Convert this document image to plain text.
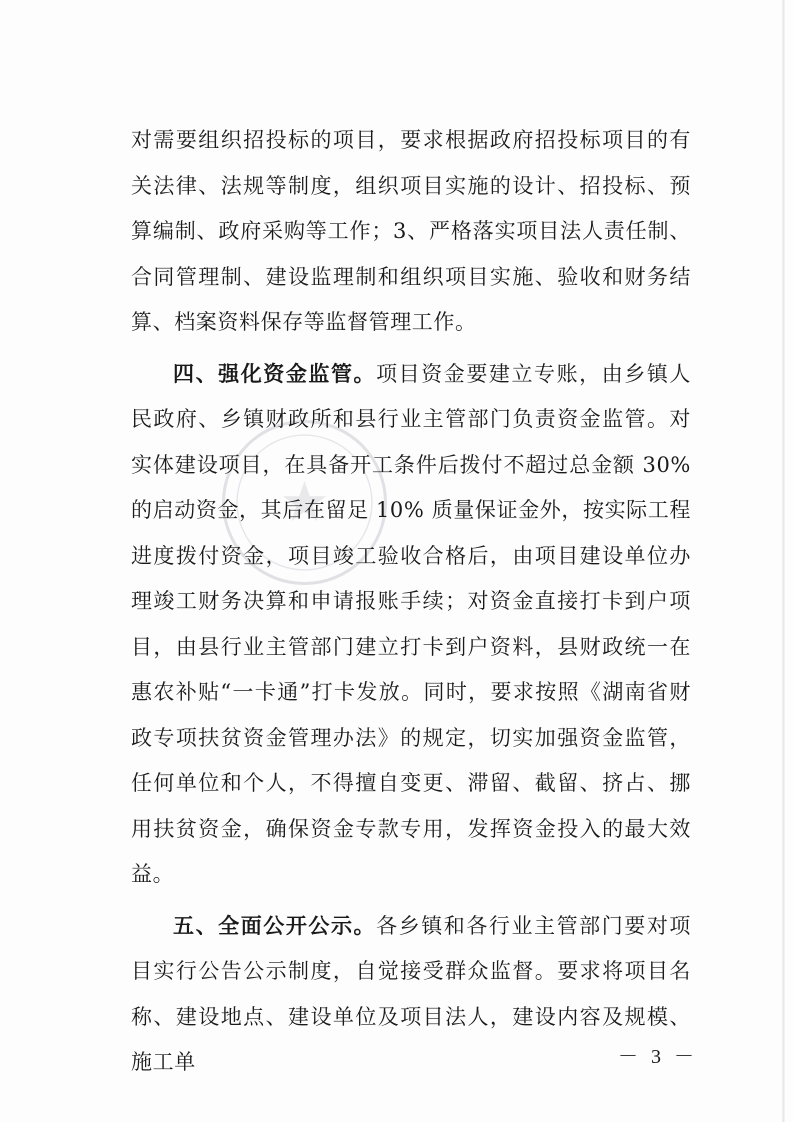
对需要组织招投标的项目，要求根据政府招投标项目的有关法律、法规等制度，组织项目实施的设计、招投标、预算编制、政府采购等工作；3、严格落实项目法人责任制、合同管理制、建设监理制和组织项目实施、验收和财务结算、档案资料保存等监督管理工作。

四、强化资金监管。项目资金要建立专账，由乡镇人民政府、乡镇财政所和县行业主管部门负责资金监管。对实体建设项目，在具备开工条件后拨付不超过总金额 30% 的启动资金，其后在留足 10% 质量保证金外，按实际工程进度拨付资金，项目竣工验收合格后，由项目建设单位办理竣工财务决算和申请报账手续；对资金直接打卡到户项目，由县行业主管部门建立打卡到户资料，县财政统一在惠农补贴“一卡通”打卡发放。同时，要求按照《湖南省财政专项扶贫资金管理办法》的规定，切实加强资金监管，任何单位和个人，不得擅自变更、滞留、截留、挤占、挪用扶贫资金，确保资金专款专用，发挥资金投入的最大效益。

五、全面公开公示。各乡镇和各行业主管部门要对项目实行公告公示制度，自觉接受群众监督。要求将项目名称、建设地点、建设单位及项目法人，建设内容及规模、施工单	－ 3 －
